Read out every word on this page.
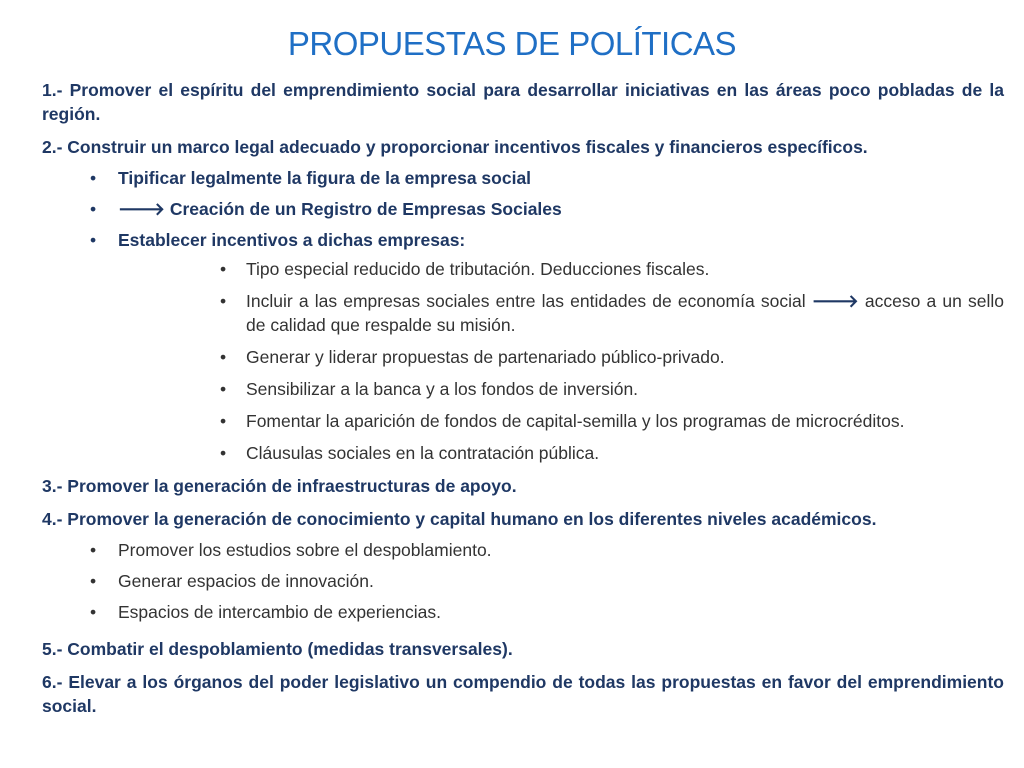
PROPUESTAS DE POLÍTICAS

1.- Promover el espíritu del emprendimiento social para desarrollar iniciativas en las áreas poco pobladas de la región.

2.- Construir un marco legal adecuado y proporcionar incentivos fiscales y financieros específicos.

• Tipificar legalmente la figura de la empresa social
• 🡒 Creación de un Registro de Empresas Sociales
• Establecer incentivos a dichas empresas:
• Tipo especial reducido de tributación. Deducciones fiscales.
• Incluir a las empresas sociales entre las entidades de economía social 🡒 acceso a un sello de calidad que respalde su misión.
• Generar y liderar propuestas de partenariado público-privado.
• Sensibilizar a la banca y a los fondos de inversión.
• Fomentar la aparición de fondos de capital-semilla y los programas de microcréditos.
• Cláusulas sociales en la contratación pública.

3.- Promover la generación de infraestructuras de apoyo.

4.- Promover la generación de conocimiento y capital humano en los diferentes niveles académicos.

• Promover los estudios sobre el despoblamiento.
• Generar espacios de innovación.
• Espacios de intercambio de experiencias.

5.- Combatir el despoblamiento (medidas transversales).

6.- Elevar a los órganos del poder legislativo un compendio de todas las propuestas en favor del emprendimiento social.
